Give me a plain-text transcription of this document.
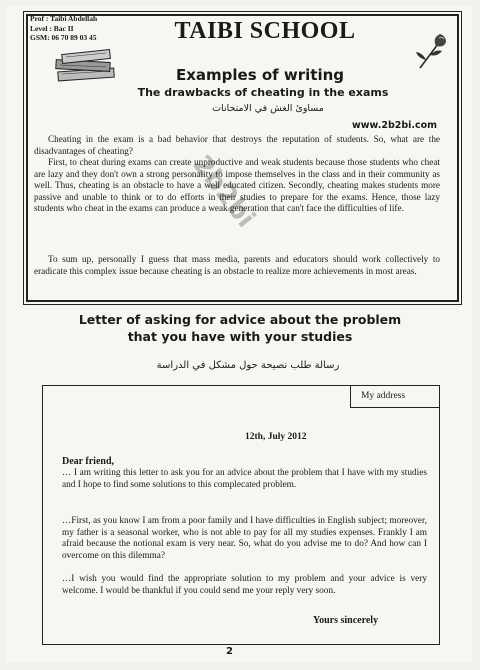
Prof : Taibi Abdellah
Level : Bac II
GSM: 06 70 89 03 45	TAIBI SCHOOL
Examples of writing
The drawbacks of cheating in the exams
مساوئ الغش في الامتحانات
www.2b2bi.com
2b2bi
Cheating in the exam is a bad behavior that destroys the reputation of students. So, what are the disadvantages of cheating?
First, to cheat during exams can create unproductive and weak students because those students who cheat are lazy and they don't own a strong personality to impose themselves in the class and in their community as well. Thus, cheating is an obstacle to have a well educated citizen. Secondly, cheating makes students more passive and unable to think or to do efforts in their studies to prepare for the exams. Hence, those lazy students who cheat in the exams can produce a weak generation that can't face the difficulties of life.
To sum up, personally I guess that mass media, parents and educators should work collectively to eradicate this complex issue because cheating is an obstacle to realize more achievements in most areas.
Letter of asking for advice about the problem
that you have with your studies
رسالة طلب نصيحة حول مشكل في الدراسة
My address
12th, July 2012
Dear friend,
… I am writing this letter to ask you for an advice about the problem that I have with my studies and I hope to find some solutions to this complecated problem.
…First, as you know I am from a poor family and I have difficulties in English subject; moreover, my father is a seasonal worker, who is not able to pay for all my studies expenses. Frankly I am afraid because the notional exam is very near. So, what do you advise me to do? And how can I overcome on this dilemma?
…I wish you would find the appropriate solution to my problem and your advice is very welcome. I would be thankful if you could send me your reply very soon.
Yours sincerely
2
